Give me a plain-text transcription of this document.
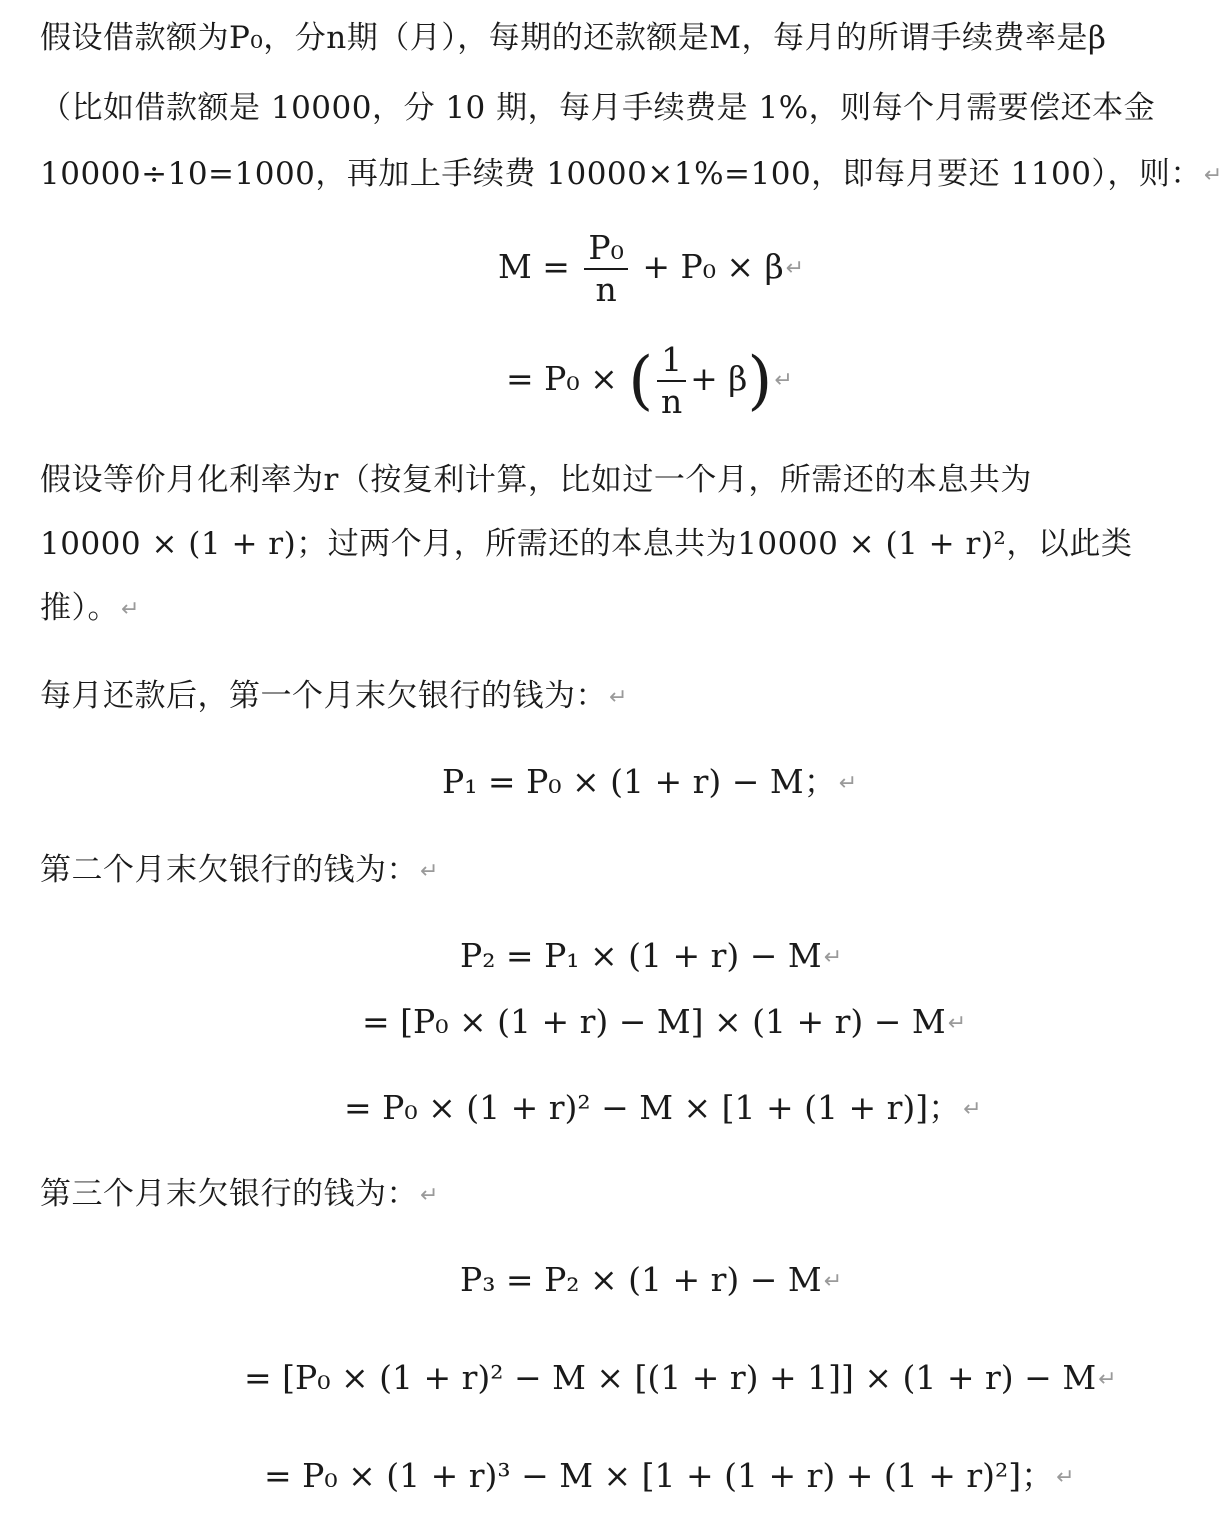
假设借款额为P₀，分n期（月），每期的还款额是M，每月的所谓手续费率是β
（比如借款额是 10000，分 10 期，每月手续费是 1%，则每个月需要偿还本金
10000÷10=1000，再加上手续费 10000×1%=100，即每月要还 1100），则：↵
$M = \frac{\text{P₀}}{n} + P_0$ × β↵
= P₀ × ( $\frac{1}{n}$ + β)↵
假设等价月化利率为r（按复利计算，比如过一个月，所需还的本息共为
10000 × (1 + r)；过两个月，所需还的本息共为10000 × (1 + r)²，以此类
推）。↵
每月还款后，第一个月末欠银行的钱为：↵
P₁ = P₀ × (1 + r) − M；↵
第二个月末欠银行的钱为：↵
P₂ = P₁ × (1 + r) − M↵
= [P₀ × (1 + r) − M] × (1 + r) − M↵
= P₀ × (1 + r)² − M × [1 + (1 + r)]；↵
第三个月末欠银行的钱为：↵
P₃ = P₂ × (1 + r) − M↵
= [P₀ × (1 + r)² − M × [(1 + r) + 1]] × (1 + r) − M↵
= P₀ × (1 + r)³ − M × [1 + (1 + r) + (1 + r)²]；↵
